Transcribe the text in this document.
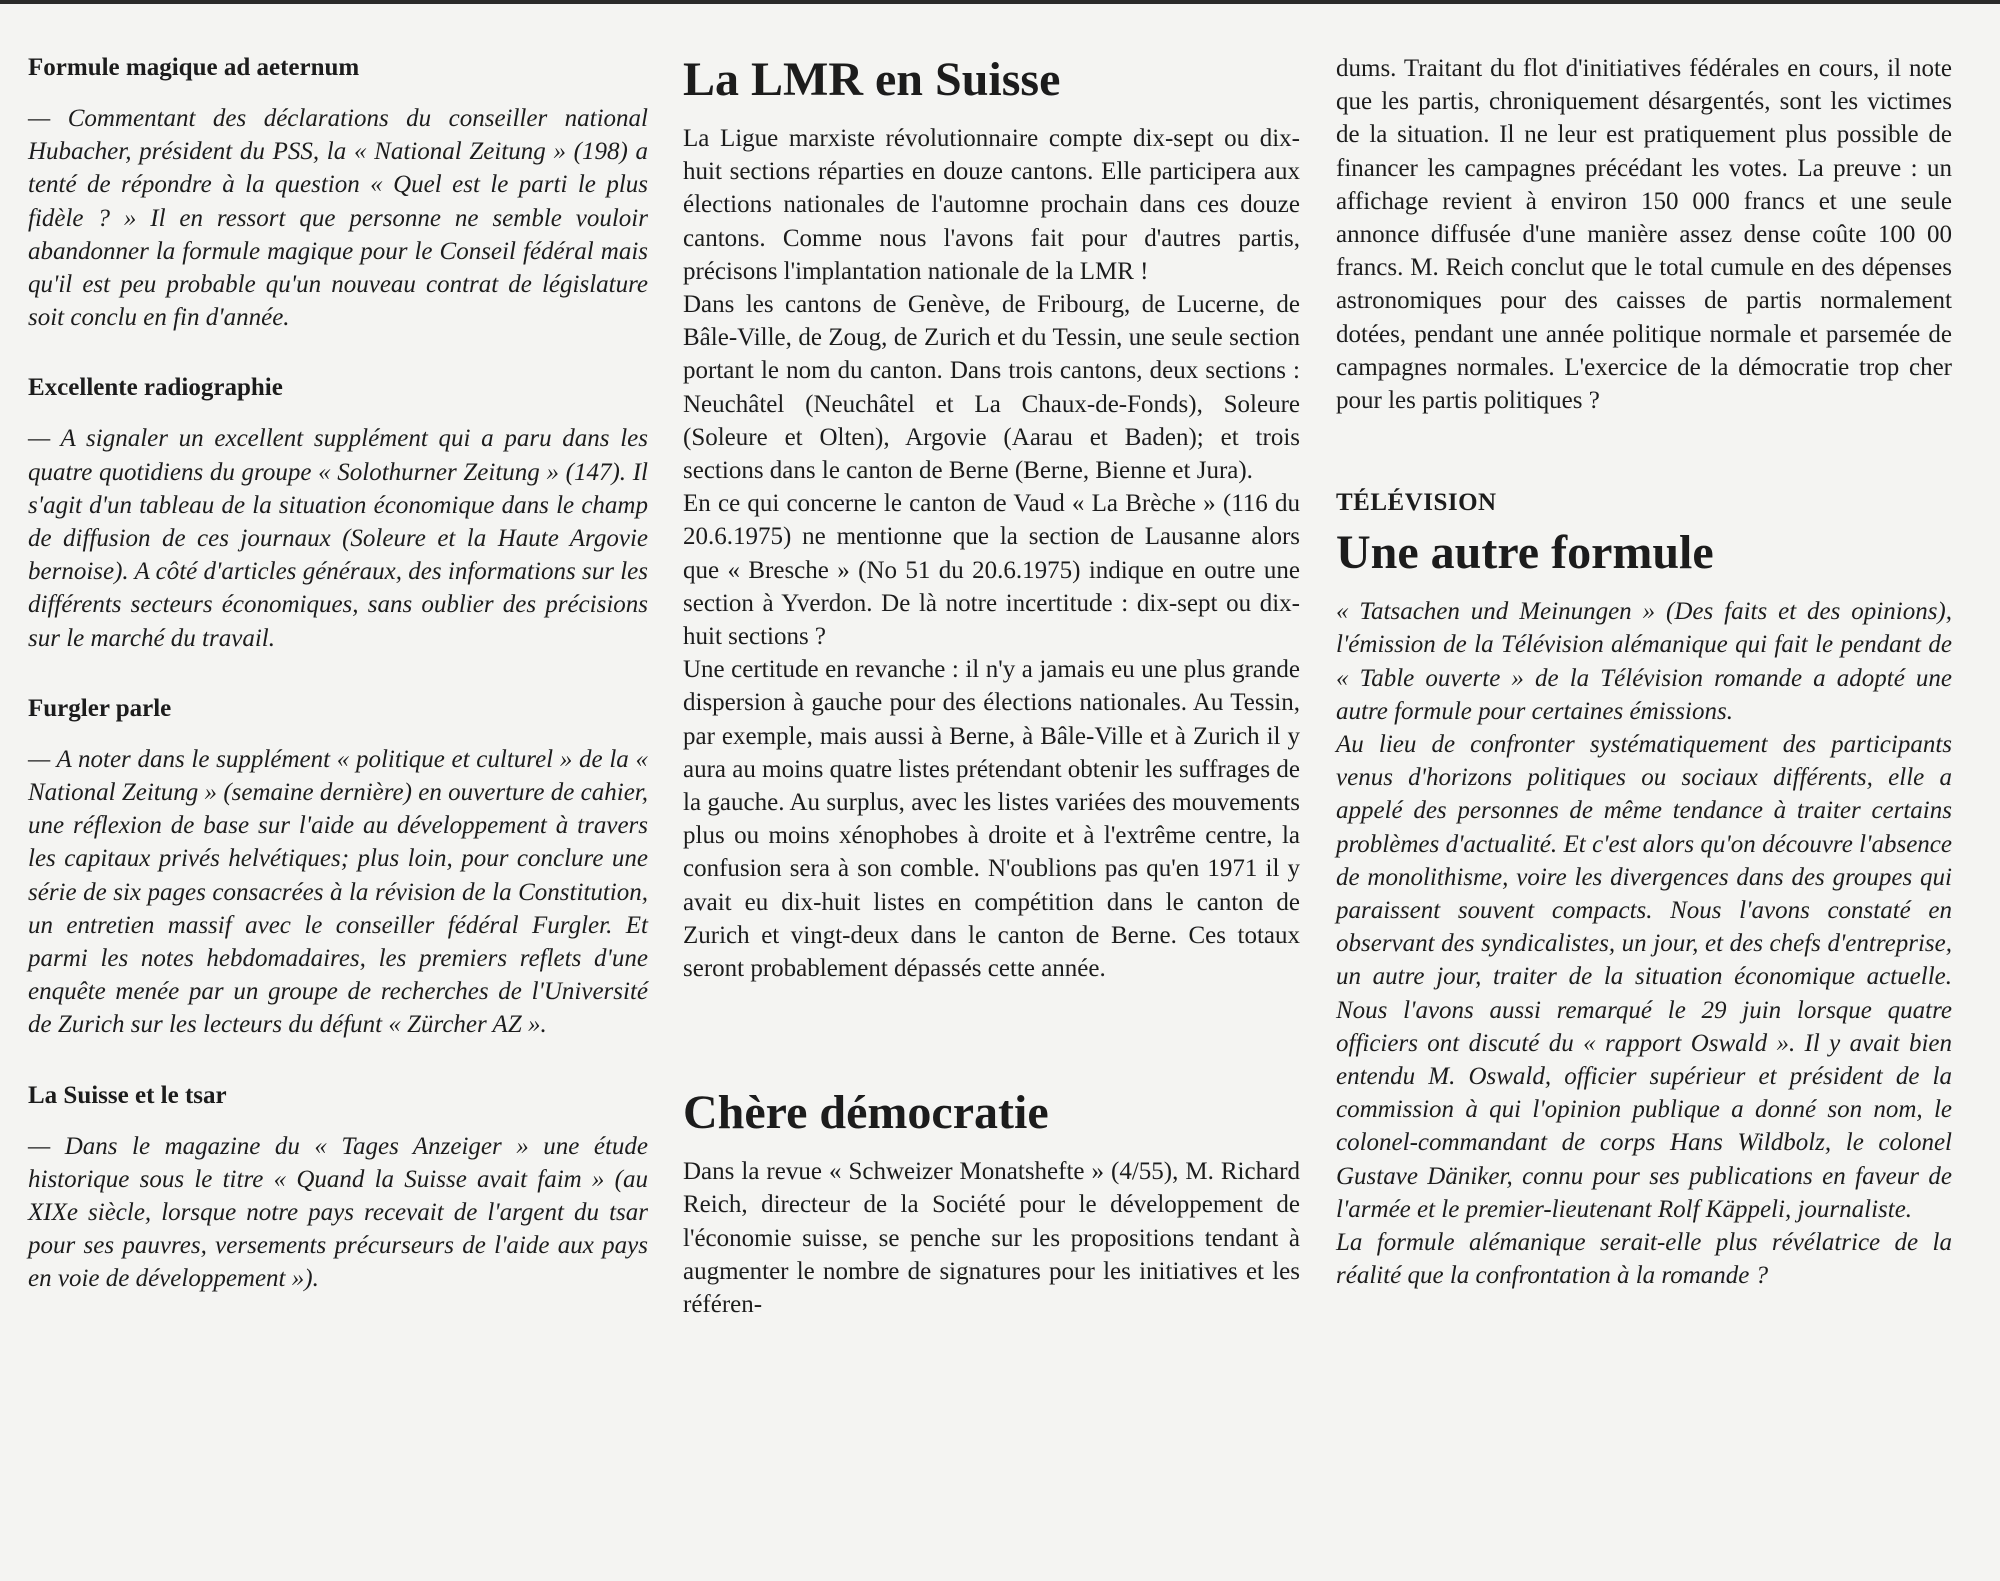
Formule magique ad aeternum

— Commentant des déclarations du conseiller national Hubacher, président du PSS, la « National Zeitung » (198) a tenté de répondre à la question « Quel est le parti le plus fidèle ? » Il en ressort que personne ne semble vouloir abandonner la formule magique pour le Conseil fédéral mais qu'il est peu probable qu'un nouveau contrat de législature soit conclu en fin d'année.

Excellente radiographie

— A signaler un excellent supplément qui a paru dans les quatre quotidiens du groupe « Solothurner Zeitung » (147). Il s'agit d'un tableau de la situation économique dans le champ de diffusion de ces journaux (Soleure et la Haute Argovie bernoise). A côté d'articles généraux, des informations sur les différents secteurs économiques, sans oublier des précisions sur le marché du travail.

Furgler parle

— A noter dans le supplément « politique et culturel » de la « National Zeitung » (semaine dernière) en ouverture de cahier, une réflexion de base sur l'aide au développement à travers les capitaux privés helvétiques; plus loin, pour conclure une série de six pages consacrées à la révision de la Constitution, un entretien massif avec le conseiller fédéral Furgler. Et parmi les notes hebdomadaires, les premiers reflets d'une enquête menée par un groupe de recherches de l'Université de Zurich sur les lecteurs du défunt « Zürcher AZ ».

La Suisse et le tsar

— Dans le magazine du « Tages Anzeiger » une étude historique sous le titre « Quand la Suisse avait faim » (au XIXe siècle, lorsque notre pays recevait de l'argent du tsar pour ses pauvres, versements précurseurs de l'aide aux pays en voie de développement »).

La LMR en Suisse

La Ligue marxiste révolutionnaire compte dix-sept ou dix-huit sections réparties en douze cantons. Elle participera aux élections nationales de l'automne prochain dans ces douze cantons. Comme nous l'avons fait pour d'autres partis, précisons l'implantation nationale de la LMR !

Dans les cantons de Genève, de Fribourg, de Lucerne, de Bâle-Ville, de Zoug, de Zurich et du Tessin, une seule section portant le nom du canton. Dans trois cantons, deux sections : Neuchâtel (Neuchâtel et La Chaux-de-Fonds), Soleure (Soleure et Olten), Argovie (Aarau et Baden); et trois sections dans le canton de Berne (Berne, Bienne et Jura).

En ce qui concerne le canton de Vaud « La Brèche » (116 du 20.6.1975) ne mentionne que la section de Lausanne alors que « Bresche » (No 51 du 20.6.1975) indique en outre une section à Yverdon. De là notre incertitude : dix-sept ou dix-huit sections ?

Une certitude en revanche : il n'y a jamais eu une plus grande dispersion à gauche pour des élections nationales. Au Tessin, par exemple, mais aussi à Berne, à Bâle-Ville et à Zurich il y aura au moins quatre listes prétendant obtenir les suffrages de la gauche. Au surplus, avec les listes variées des mouvements plus ou moins xénophobes à droite et à l'extrême centre, la confusion sera à son comble. N'oublions pas qu'en 1971 il y avait eu dix-huit listes en compétition dans le canton de Zurich et vingt-deux dans le canton de Berne. Ces totaux seront probablement dépassés cette année.

Chère démocratie

Dans la revue « Schweizer Monatshefte » (4/55), M. Richard Reich, directeur de la Société pour le développement de l'économie suisse, se penche sur les propositions tendant à augmenter le nombre de signatures pour les initiatives et les référen-

dums. Traitant du flot d'initiatives fédérales en cours, il note que les partis, chroniquement désargentés, sont les victimes de la situation. Il ne leur est pratiquement plus possible de financer les campagnes précédant les votes. La preuve : un affichage revient à environ 150 000 francs et une seule annonce diffusée d'une manière assez dense coûte 100 00 francs. M. Reich conclut que le total cumule en des dépenses astronomiques pour des caisses de partis normalement dotées, pendant une année politique normale et parsemée de campagnes normales. L'exercice de la démocratie trop cher pour les partis politiques ?

TÉLÉVISION
Une autre formule

« Tatsachen und Meinungen » (Des faits et des opinions), l'émission de la Télévision alémanique qui fait le pendant de « Table ouverte » de la Télévision romande a adopté une autre formule pour certaines émissions.

Au lieu de confronter systématiquement des participants venus d'horizons politiques ou sociaux différents, elle a appelé des personnes de même tendance à traiter certains problèmes d'actualité. Et c'est alors qu'on découvre l'absence de monolithisme, voire les divergences dans des groupes qui paraissent souvent compacts. Nous l'avons constaté en observant des syndicalistes, un jour, et des chefs d'entreprise, un autre jour, traiter de la situation économique actuelle. Nous l'avons aussi remarqué le 29 juin lorsque quatre officiers ont discuté du « rapport Oswald ». Il y avait bien entendu M. Oswald, officier supérieur et président de la commission à qui l'opinion publique a donné son nom, le colonel-commandant de corps Hans Wildbolz, le colonel Gustave Däniker, connu pour ses publications en faveur de l'armée et le premier-lieutenant Rolf Käppeli, journaliste.

La formule alémanique serait-elle plus révélatrice de la réalité que la confrontation à la romande ?
